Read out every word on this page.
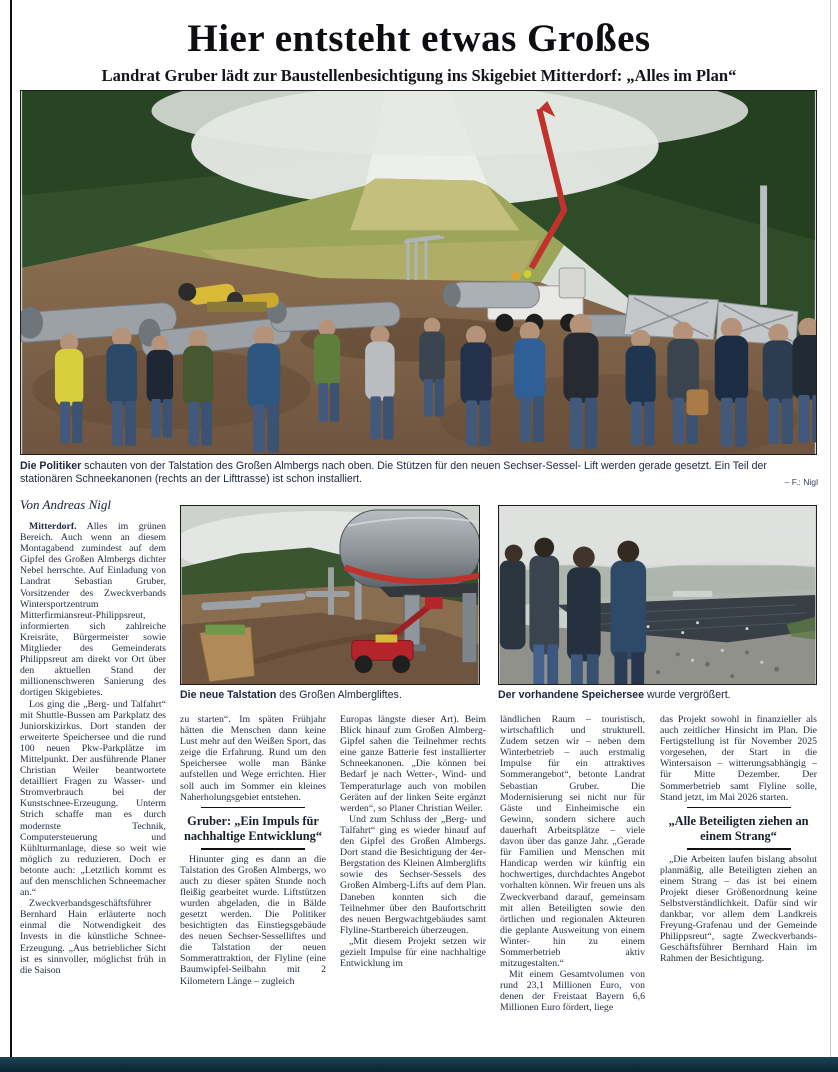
Hier entsteht etwas Großes
Landrat Gruber lädt zur Baustellenbesichtigung ins Skigebiet Mitterdorf: „Alles im Plan“
Die Politiker schauten von der Talstation des Großen Almbergs nach oben. Die Stützen für den neuen Sechser-Sessel- Lift werden gerade gesetzt. Ein Teil der stationären Schneekanonen (rechts an der Lifttrasse) ist schon installiert.	– F.: Nigl
Von Andreas Nigl
Die neue Talstation des Großen Almbergliftes.	Der vorhandene Speichersee wurde vergrößert.

Mitterdorf. Alles im grünen Bereich. Auch wenn an diesem Montagabend zumindest auf dem Gipfel des Großen Almbergs dichter Nebel herrschte. Auf Einladung von Landrat Sebastian Gruber, Vorsitzender des Zweckverbands Wintersportzentrum Mitterfirmiansreut-Philippsreut, informierten sich zahlreiche Kreisräte, Bürgermeister sowie Mitglieder des Gemeinderats Philippsreut am direkt vor Ort über den aktuellen Stand der millionenschweren Sanierung des dortigen Skigebietes.

Los ging die „Berg- und Talfahrt“ mit Shuttle-Bussen am Parkplatz des Juniorskizirkus. Dort standen der erweiterte Speichersee und die rund 100 neuen Pkw-Parkplätze im Mittelpunkt. Der ausführende Planer Christian Weiler beantwortete detailliert Fragen zu Wasser- und Stromverbrauch bei der Kunstschnee-Erzeugung. Unterm Strich schaffe man es durch modernste Technik, Computersteuerung und Kühlturmanlage, diese so weit wie möglich zu reduzieren. Doch er betonte auch: „Letztlich kommt es auf den menschlichen Schneemacher an.“

Zweckverbandsgeschäftsführer Bernhard Hain erläuterte noch einmal die Notwendigkeit des Invests in die künstliche Schnee-Erzeugung. „Aus betrieblicher Sicht ist es sinnvoller, möglichst früh in die Saison

zu starten“. Im späten Frühjahr hätten die Menschen dann keine Lust mehr auf den Weißen Sport, das zeige die Erfahrung. Rund um den Speichersee wolle man Bänke aufstellen und Wege errichten. Hier soll auch im Sommer ein kleines Naherholungsgebiet entstehen.

Gruber: „Ein Impuls für nachhaltige Entwicklung“

Hinunter ging es dann an die Talstation des Großen Almbergs, wo auch zu dieser späten Stunde noch fleißig gearbeitet wurde. Liftstützen wurden abgeladen, die in Bälde gesetzt werden. Die Politiker besichtigten das Einstiegsgebäude des neuen Sechser-Sesselliftes und die Talstation der neuen Sommerattraktion, der Flyline (eine Baumwipfel-Seilbahn mit 2 Kilometern Länge – zugleich

Europas längste dieser Art). Beim Blick hinauf zum Großen Almberg-Gipfel sahen die Teilnehmer rechts eine ganze Batterie fest installierter Schneekanonen. „Die können bei Bedarf je nach Wetter-, Wind- und Temperaturlage auch von mobilen Geräten auf der linken Seite ergänzt werden“, so Planer Christian Weiler.

Und zum Schluss der „Berg- und Talfahrt“ ging es wieder hinauf auf den Gipfel des Großen Almbergs. Dort stand die Besichtigung der 4er-Bergstation des Kleinen Almberglifts sowie des Sechser-Sessels des Großen Almberg-Lifts auf dem Plan. Daneben konnten sich die Teilnehmer über den Baufortschritt des neuen Bergwachtgebäudes samt Flyline-Startbereich überzeugen.

„Mit diesem Projekt setzen wir gezielt Impulse für eine nachhaltige Entwicklung im

ländlichen Raum – touristisch, wirtschaftlich und strukturell. Zudem setzen wir – neben dem Winterbetrieb – auch erstmalig Impulse für ein attraktives Sommerangebot“, betonte Landrat Sebastian Gruber. Die Modernisierung sei nicht nur für Gäste und Einheimische ein Gewinn, sondern sichere auch dauerhaft Arbeitsplätze – viele davon über das ganze Jahr. „Gerade für Familien und Menschen mit Handicap werden wir künftig ein hochwertiges, durchdachtes Angebot vorhalten können. Wir freuen uns als Zweckverband darauf, gemeinsam mit allen Beteiligten sowie den örtlichen und regionalen Akteuren die geplante Ausweitung von einem Winter- hin zu einem Sommerbetrieb aktiv mitzugestalten.“

Mit einem Gesamtvolumen von rund 23,1 Millionen Euro, von denen der Freistaat Bayern 6,6 Millionen Euro fördert, liege

das Projekt sowohl in finanzieller als auch zeitlicher Hinsicht im Plan. Die Fertigstellung ist für November 2025 vorgesehen, der Start in die Wintersaison – witterungsabhängig – für Mitte Dezember. Der Sommerbetrieb samt Flyline solle, Stand jetzt, im Mai 2026 starten.

„Alle Beteiligten ziehen an einem Strang“

„Die Arbeiten laufen bislang absolut planmäßig, alle Beteiligten ziehen an einem Strang – das ist bei einem Projekt dieser Größenordnung keine Selbstverständlichkeit. Dafür sind wir dankbar, vor allem dem Landkreis Freyung-Grafenau und der Gemeinde Philippsreut“, sagte Zweckverbands-Geschäftsführer Bernhard Hain im Rahmen der Besichtigung.
